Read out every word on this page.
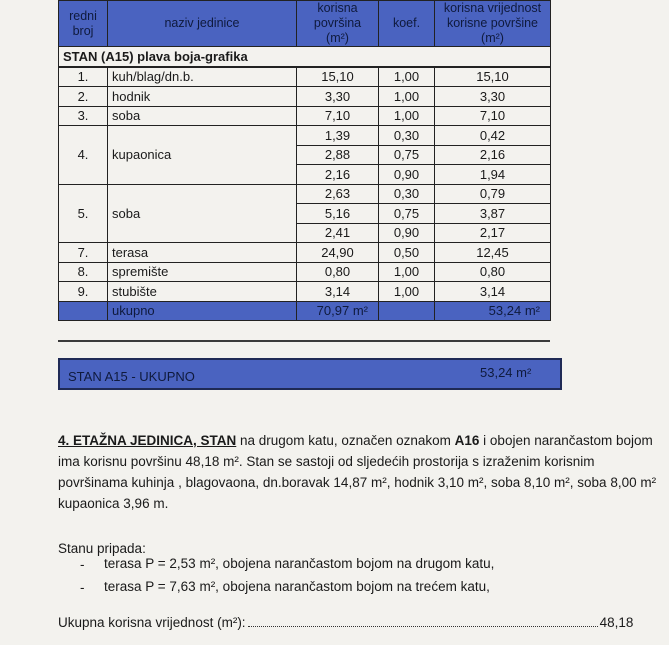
redni broj	naziv jedinice	korisna površina (m²)	koef.	korisna vrijednost korisne površine (m²)
STAN (A15) plava boja-grafika				
1.	kuh/blag/dn.b.	15,10	1,00	15,10
2.	hodnik	3,30	1,00	3,30
3.	soba	7,10	1,00	7,10
4.	kupaonica	1,39	0,30	0,42
		2,88	0,75	2,16
		2,16	0,90	1,94
5.	soba	2,63	0,30	0,79
		5,16	0,75	3,87
		2,41	0,90	2,17
7.	terasa	24,90	0,50	12,45
8.	spremište	0,80	1,00	0,80
9.	stubište	3,14	1,00	3,14
	ukupno	70,97 m²		53,24 m²
STAN A15 - UKUPNO	53,24 m²
4. ETAŽNA JEDINICA, STAN na drugom katu, označen oznakom A16 i obojen narančastom bojom
ima korisnu površinu 48,18 m². Stan se sastoji od sljedećih prostorija s izraženim korisnim
površinama kuhinja , blagovaona, dn.boravak 14,87 m², hodnik 3,10 m², soba 8,10 m², soba 8,00 m²
kupaonica 3,96 m.
Stanu pripada:
- terasa P = 2,53 m², obojena narančastom bojom na drugom katu,
- terasa P = 7,63 m², obojena narančastom bojom na trećem katu,
Ukupna korisna vrijednost (m²):	48,18
